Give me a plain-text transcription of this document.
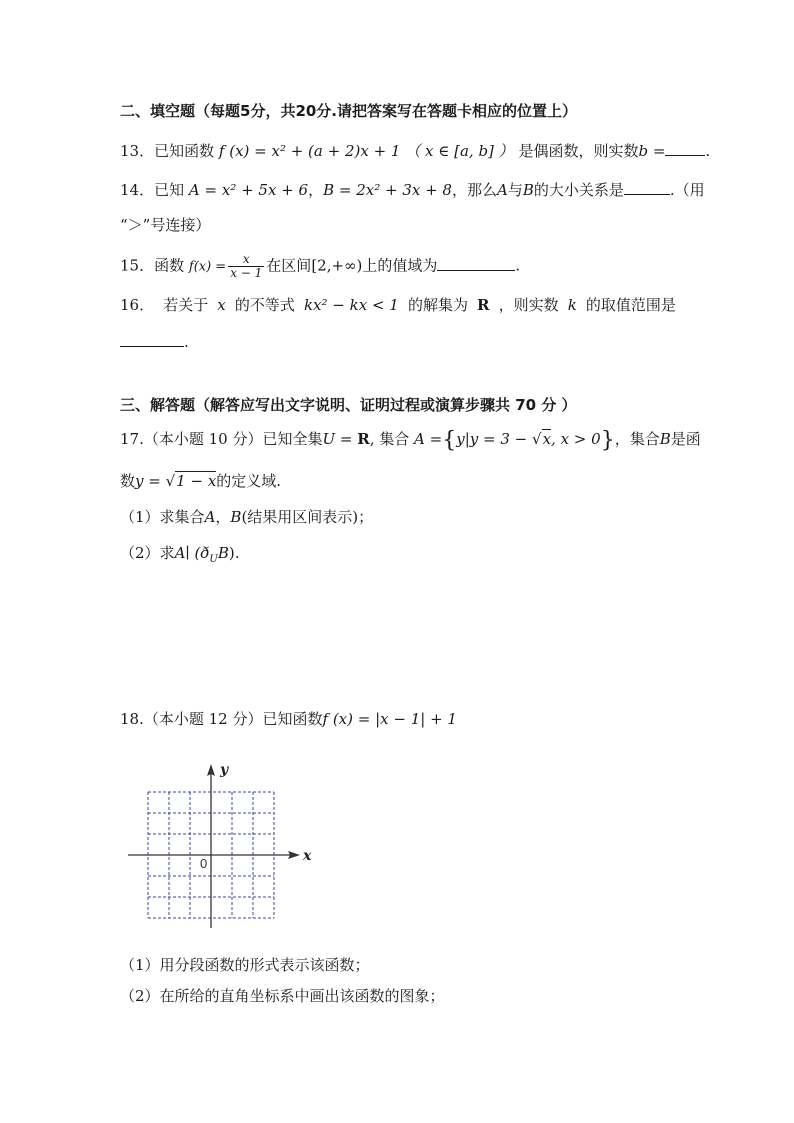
二、填空题（每题5分，共20分.请把答案写在答题卡相应的位置上）
13．已知函数 f (x) = x² + (a + 2)x + 1 （ x ∈ [a, b] ） 是偶函数，则实数b =	.
14．已知 A = x² + 5x + 6，B = 2x² + 3x + 8，那么A与B的大小关系是	.（用
“＞”号连接）
15．函数 $f(x) = \frac{x}{x - 1}$ 在区间[2,+∞)上的值域为	.
16． 若关于 x 的不等式 kx² − kx < 1 的解集为 R ，则实数 k 的取值范围是
.
三、解答题（解答应写出文字说明、证明过程或演算步骤共 70 分 ）
17.（本小题 10 分）已知全集U = R, 集合 A ={y|y = 3 − √x, x > 0}，集合B是函
数y = √1 − x的定义域.
（1）求集合A，B(结果用区间表示)；
（2）求A∣ $(ð_UB)$.
18.（本小题 12 分）已知函数f (x) = |x − 1| + 1
y
x
0
（1）用分段函数的形式表示该函数；
（2）在所给的直角坐标系中画出该函数的图象；
